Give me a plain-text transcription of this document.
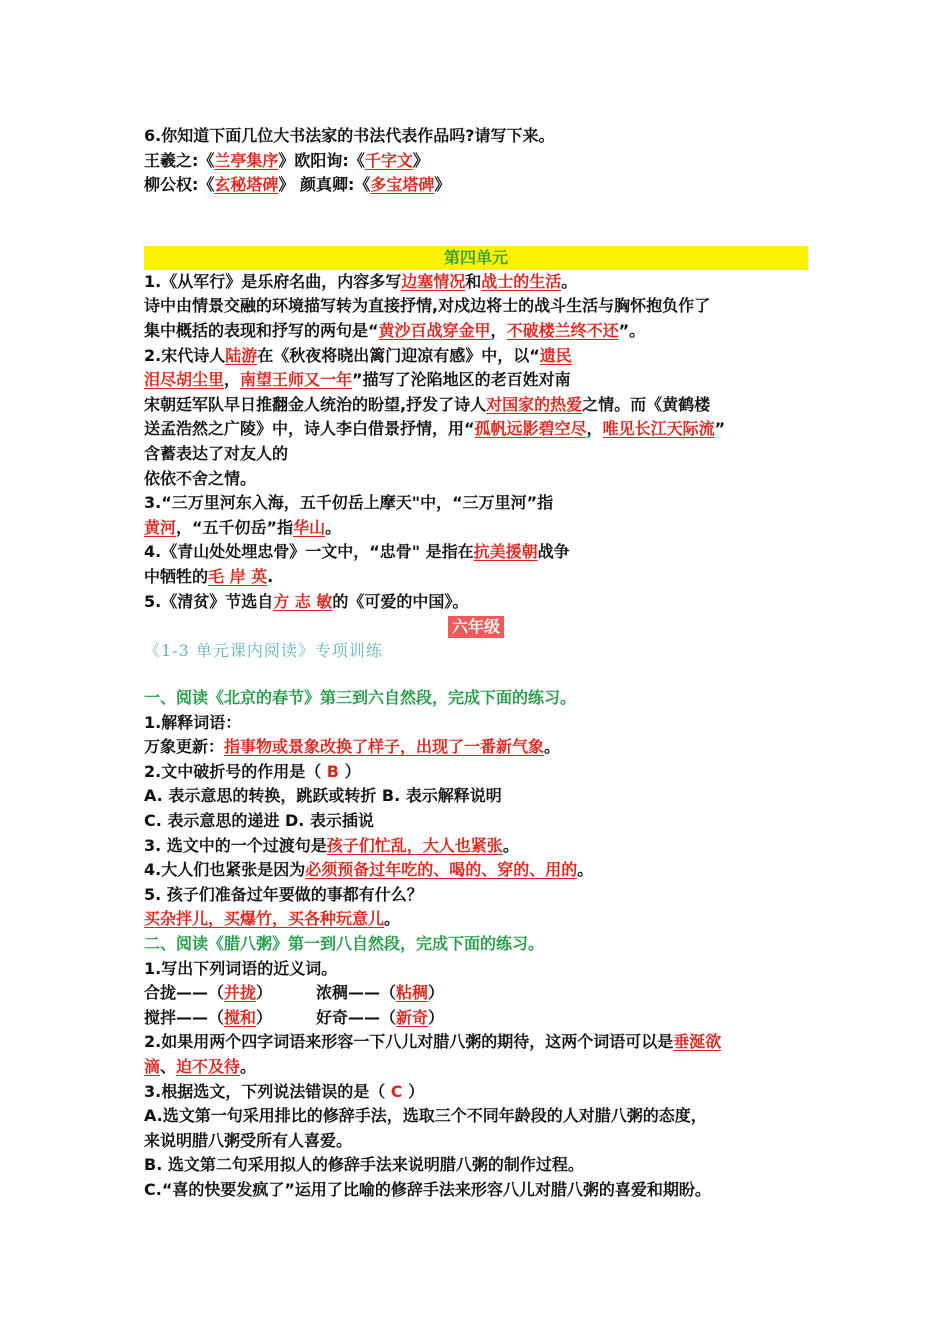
6.你知道下面几位大书法家的书法代表作品吗?请写下来。
王羲之:《兰亭集序》欧阳询:《千字文》
柳公权:《玄秘塔碑》 颜真卿:《多宝塔碑》
第四单元
1.《从军行》是乐府名曲，内容多写边塞情况和战士的生活。
诗中由情景交融的环境描写转为直接抒情,对戍边将士的战斗生活与胸怀抱负作了
集中概括的表现和抒写的两句是“黄沙百战穿金甲，不破楼兰终不还”。
2.宋代诗人陆游在《秋夜将晓出篱门迎凉有感》中，以“遗民
泪尽胡尘里，南望王师又一年”描写了沦陷地区的老百姓对南
宋朝廷军队早日推翻金人统治的盼望,抒发了诗人对国家的热爱之情。而《黄鹤楼
送孟浩然之广陵》中，诗人李白借景抒情，用“孤帆远影碧空尽，唯见长江天际流”
含蓄表达了对友人的
依依不舍之情。
3.“三万里河东入海，五千仞岳上摩天"中，“三万里河”指
黄河，“五千仞岳”指华山。
4.《青山处处埋忠骨》一文中，“忠骨" 是指在抗美援朝战争
中牺牲的毛 岸 英.
5.《清贫》节选自方 志 敏的《可爱的中国》。
六年级
《1-3 单元课内阅读》专项训练
一、阅读《北京的春节》第三到六自然段，完成下面的练习。
1.解释词语：
万象更新：指事物或景象改换了样子，出现了一番新气象。
2.文中破折号的作用是（ B ）
A. 表示意思的转换，跳跃或转折 B. 表示解释说明
C. 表示意思的递进 D. 表示插说
3. 选文中的一个过渡句是孩子们忙乱，大人也紧张。
4.大人们也紧张是因为必须预备过年吃的、喝的、穿的、用的。
5. 孩子们准备过年要做的事都有什么？
买杂拌儿，买爆竹，买各种玩意儿。
二、阅读《腊八粥》第一到八自然段，完成下面的练习。
1.写出下列词语的近义词。
合拢——（并拢）	浓稠——（粘稠）
搅拌——（搅和）	好奇——（新奇）
2.如果用两个四字词语来形容一下八儿对腊八粥的期待，这两个词语可以是垂涎欲
滴、迫不及待。
3.根据选文，下列说法错误的是（ C ）
A.选文第一句采用排比的修辞手法，选取三个不同年龄段的人对腊八粥的态度，
来说明腊八粥受所有人喜爱。
B. 选文第二句采用拟人的修辞手法来说明腊八粥的制作过程。
C.“喜的快要发疯了”运用了比喻的修辞手法来形容八儿对腊八粥的喜爱和期盼。
